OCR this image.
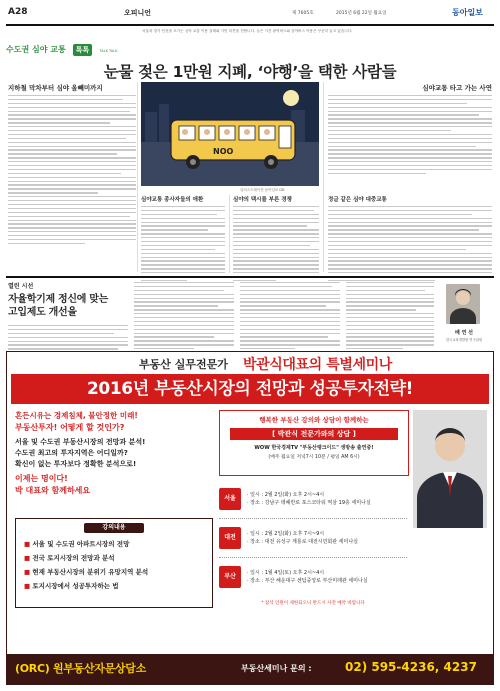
A28	오피니언	제 7605호	2015년 6월 22일 월요일	동아일보
수도권 심야 교통 톡톡	TALK TALK
서울과 경기·인천을 오가는 심야 교통 이용 실태와 시민 의견을 전합니다. 늦은 시간 광역버스와 심야버스 이용은 꾸준히 늘고 있습니다.
눈물 젖은 1만원 지폐, ‘야행’을 택한 사람들
지하철 막차부터 심야 올빼미까지
NOO
일러스트레이션 동아일보 DB
심야교통 타고 가는 사연
심야교통 종사자들의 애환	심야의 택시를 부른 경쟁	정글 같은 심야 대중교통
열린 시선
자율학기제 정신에 맞는
고입제도 개선을
배 연 선
한국교육개발원 연구위원
부동산 실무전문가 박관식대표의 특별세미나
2016년 부동산시장의 전망과 성공투자전략!
흔든시유는 경제침체, 불안정한 미래!
부동산투자! 어떻게 할 것인가?
서울 및 수도권 부동산시장의 전망과 분석!
수도권 최고의 투자지역은 어디일까?
확신이 없는 투자보다 정확한 분석으로!
이제는 명이다!
박 대표와 함께하세요
강의내용
■ 서울 및 수도권 아파트시장의 전망
■ 전국 토지시장의 전망과 분석
■ 현재 부동산시장의 분위기 유망지역 분석
■ 토지시장에서 성공투자하는 법
행복한 부동산 강의와 상담이 함께하는
[ 박관식 전문가와의 상담 ]
WOW 한국경제TV "부동산랭크이드" 생방송 출연중!
(매주 월요일 저녁7시 10분 / 평일 AM 6시)
서울	· 일시 : 2월 2일(화) 오후 2시~4시
· 장소 : 강남구 테헤란로 포스코타워 역삼 19층 세미나실
대전	· 일시 : 2월 2일(화) 오후 7시~9시
· 장소 : 대전 유성구 계룡로 대전시민회관 세미나실
부산	· 일시 : 1월 4일(토) 오후 2시~4시
· 장소 : 부산 해운대구 센텀중앙로 부산미래관 세미나실
* 참석 인원이 제한되오니 반드시 사전 예약 바랍니다
(ORC) 원부동산자문상담소	부동산세미나 문의 :	02) 595-4236, 4237
